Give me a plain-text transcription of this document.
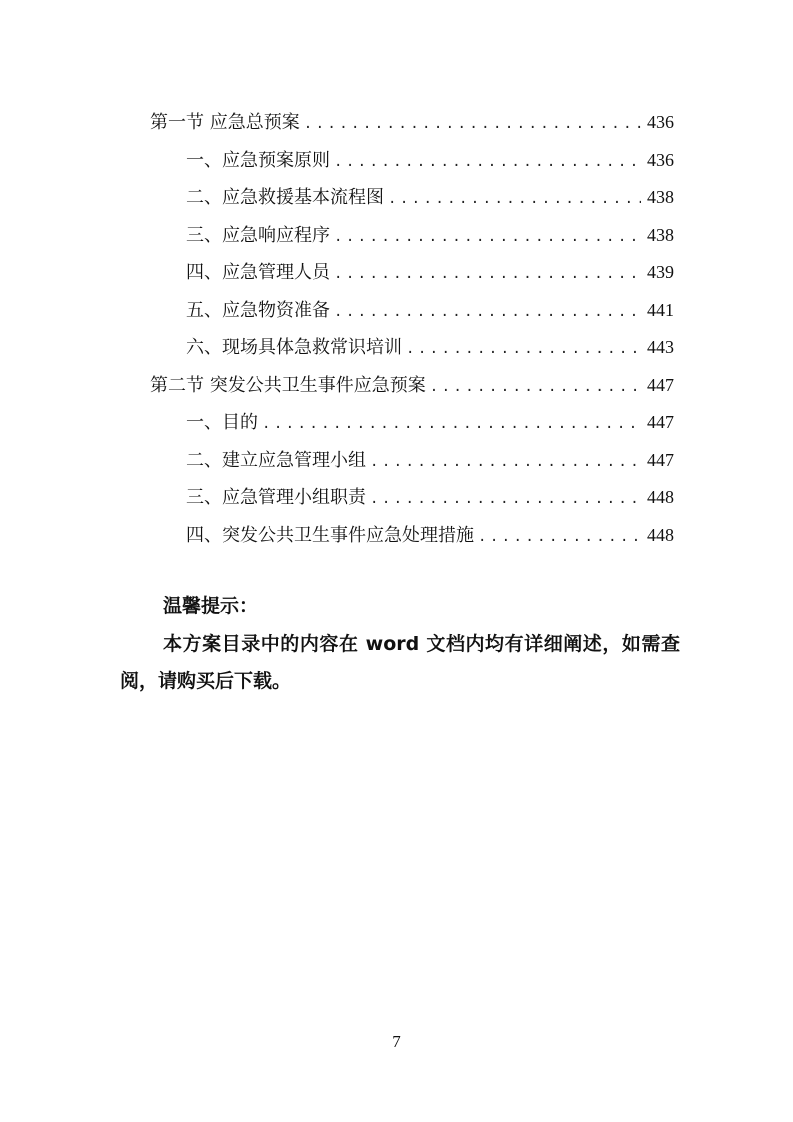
第一节 应急总预案 .....	436
一、应急预案原则 .....	436
二、应急救援基本流程图 .....	438
三、应急响应程序 .....	438
四、应急管理人员 .....	439
五、应急物资准备 .....	441
六、现场具体急救常识培训 .....	443
第二节 突发公共卫生事件应急预案 .....	447
一、目的 .....	447
二、建立应急管理小组 .....	447
三、应急管理小组职责 .....	448
四、突发公共卫生事件应急处理措施 .....	448
温馨提示：
本方案目录中的内容在 word 文档内均有详细阐述，如需查阅，请购买后下载。
7
